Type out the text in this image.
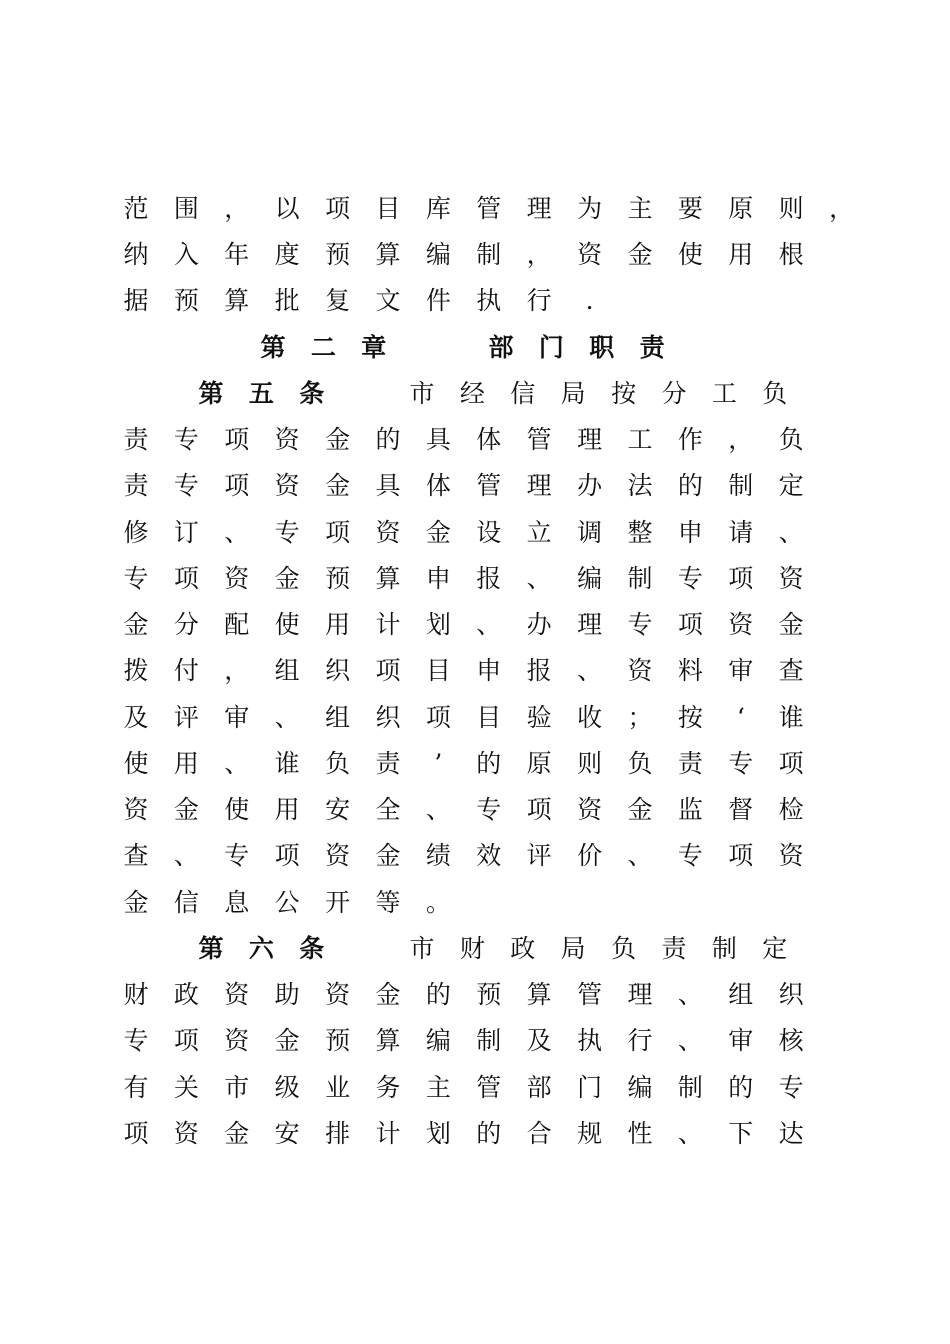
范	围	，	以	项	目	库	管	理	为	主	要	原	则	，
纳	入	年	度	预	算	编	制	，	资	金	使	用	根
据	预	算	批	复	文	件	执	行	.
第	二	章	部	门	职	责
第	五	条	市	经	信	局	按	分	工	负
责	专	项	资	金	的	具	体	管	理	工	作	，	负
责	专	项	资	金	具	体	管	理	办	法	的	制	定
修	订	、	专	项	资	金	设	立	调	整	申	请	、
专	项	资	金	预	算	申	报	、	编	制	专	项	资
金	分	配	使	用	计	划	、	办	理	专	项	资	金
拨	付	，	组	织	项	目	申	报	、	资	料	审	查
及	评	审	、	组	织	项	目	验	收	；	按	‘	谁
使	用	、	谁	负	责	’	的	原	则	负	责	专	项
资	金	使	用	安	全	、	专	项	资	金	监	督	检
查	、	专	项	资	金	绩	效	评	价	、	专	项	资
金	信	息	公	开	等	。
第	六	条	市	财	政	局	负	责	制	定
财	政	资	助	资	金	的	预	算	管	理	、	组	织
专	项	资	金	预	算	编	制	及	执	行	、	审	核
有	关	市	级	业	务	主	管	部	门	编	制	的	专
项	资	金	安	排	计	划	的	合	规	性	、	下	达
